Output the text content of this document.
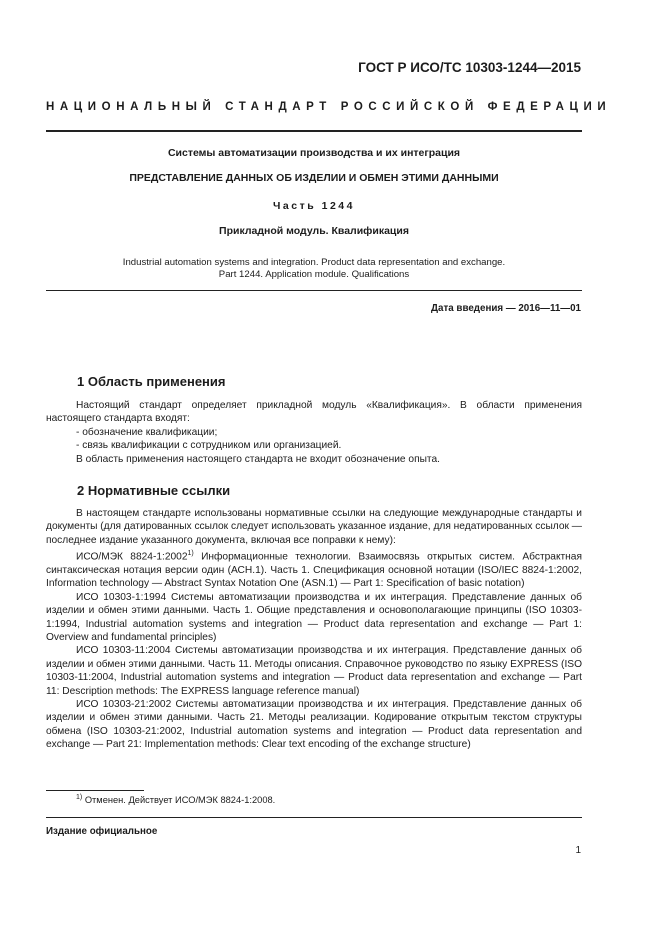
ГОСТ Р ИСО/ТС 10303-1244—2015
НАЦИОНАЛЬНЫЙ СТАНДАРТ РОССИЙСКОЙ ФЕДЕРАЦИИ
Системы автоматизации производства и их интеграция
ПРЕДСТАВЛЕНИЕ ДАННЫХ ОБ ИЗДЕЛИИ И ОБМЕН ЭТИМИ ДАННЫМИ
Часть 1244
Прикладной модуль. Квалификация
Industrial automation systems and integration. Product data representation and exchange.
Part 1244. Application module. Qualifications
Дата введения — 2016—11—01
1 Область применения

Настоящий стандарт определяет прикладной модуль «Квалификация». В области применения настоящего стандарта входят:

- обозначение квалификации;

- связь квалификации с сотрудником или организацией.

В область применения настоящего стандарта не входит обозначение опыта.

2 Нормативные ссылки

В настоящем стандарте использованы нормативные ссылки на следующие международные стандарты и документы (для датированных ссылок следует использовать указанное издание, для недатированных ссылок — последнее издание указанного документа, включая все поправки к нему):

ИСО/МЭК 8824-1:2002$^{1)}$ Информационные технологии. Взаимосвязь открытых систем. Абстрактная синтаксическая нотация версии один (АСН.1). Часть 1. Спецификация основной нотации (ISO/IEC 8824-1:2002, Information technology — Abstract Syntax Notation One (ASN.1) — Part 1: Specification of basic notation)

ИСО 10303-1:1994 Системы автоматизации производства и их интеграция. Представление данных об изделии и обмен этими данными. Часть 1. Общие представления и основополагающие принципы (ISO 10303-1:1994, Industrial automation systems and integration — Product data representation and exchange — Part 1: Overview and fundamental principles)

ИСО 10303-11:2004 Системы автоматизации производства и их интеграция. Представление данных об изделии и обмен этими данными. Часть 11. Методы описания. Справочное руководство по языку EXPRESS (ISO 10303-11:2004, Industrial automation systems and integration — Product data representation and exchange — Part 11: Description methods: The EXPRESS language reference manual)

ИСО 10303-21:2002 Системы автоматизации производства и их интеграция. Представление данных об изделии и обмен этими данными. Часть 21. Методы реализации. Кодирование открытым текстом структуры обмена (ISO 10303-21:2002, Industrial automation systems and integration — Product data representation and exchange — Part 21: Implementation methods: Clear text encoding of the exchange structure)

$^{1)}$ Отменен. Действует ИСО/МЭК 8824-1:2008.
Издание официальное
1
